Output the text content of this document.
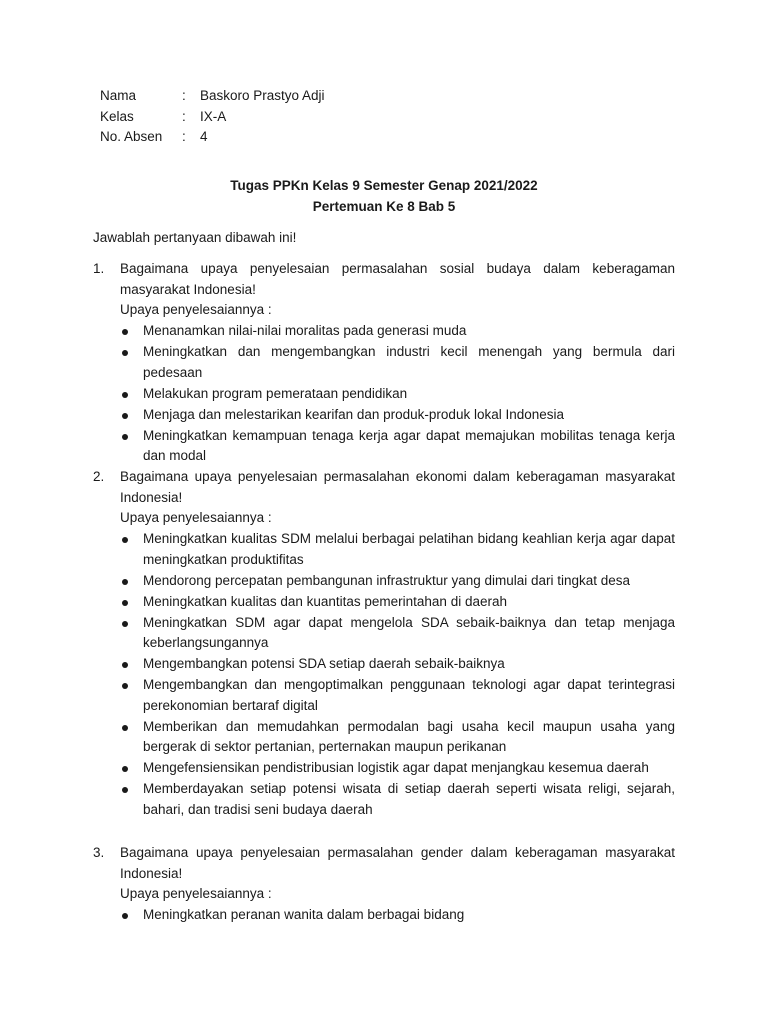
Nama	: Baskoro Prastyo Adji
Kelas	: IX-A
No. Absen : 4
Tugas PPKn Kelas 9 Semester Genap 2021/2022
Pertemuan Ke 8 Bab 5
Jawablah pertanyaan dibawah ini!
1. Bagaimana upaya penyelesaian permasalahan sosial budaya dalam keberagaman masyarakat Indonesia!
Upaya penyelesaiannya :
Menanamkan nilai-nilai moralitas pada generasi muda
Meningkatkan dan mengembangkan industri kecil menengah yang bermula dari pedesaan
Melakukan program pemerataan pendidikan
Menjaga dan melestarikan kearifan dan produk-produk lokal Indonesia
Meningkatkan kemampuan tenaga kerja agar dapat memajukan mobilitas tenaga kerja dan modal
2. Bagaimana upaya penyelesaian permasalahan ekonomi dalam keberagaman masyarakat Indonesia!
Upaya penyelesaiannya :
Meningkatkan kualitas SDM melalui berbagai pelatihan bidang keahlian kerja agar dapat meningkatkan produktifitas
Mendorong percepatan pembangunan infrastruktur yang dimulai dari tingkat desa
Meningkatkan kualitas dan kuantitas pemerintahan di daerah
Meningkatkan SDM agar dapat mengelola SDA sebaik-baiknya dan tetap menjaga keberlangsungannya
Mengembangkan potensi SDA setiap daerah sebaik-baiknya
Mengembangkan dan mengoptimalkan penggunaan teknologi agar dapat terintegrasi perekonomian bertaraf digital
Memberikan dan memudahkan permodalan bagi usaha kecil maupun usaha yang bergerak di sektor pertanian, perternakan maupun perikanan
Mengefensiensikan pendistribusian logistik agar dapat menjangkau kesemua daerah
Memberdayakan setiap potensi wisata di setiap daerah seperti wisata religi, sejarah, bahari, dan tradisi seni budaya daerah
3. Bagaimana upaya penyelesaian permasalahan gender dalam keberagaman masyarakat Indonesia!
Upaya penyelesaiannya :
Meningkatkan peranan wanita dalam berbagai bidang
